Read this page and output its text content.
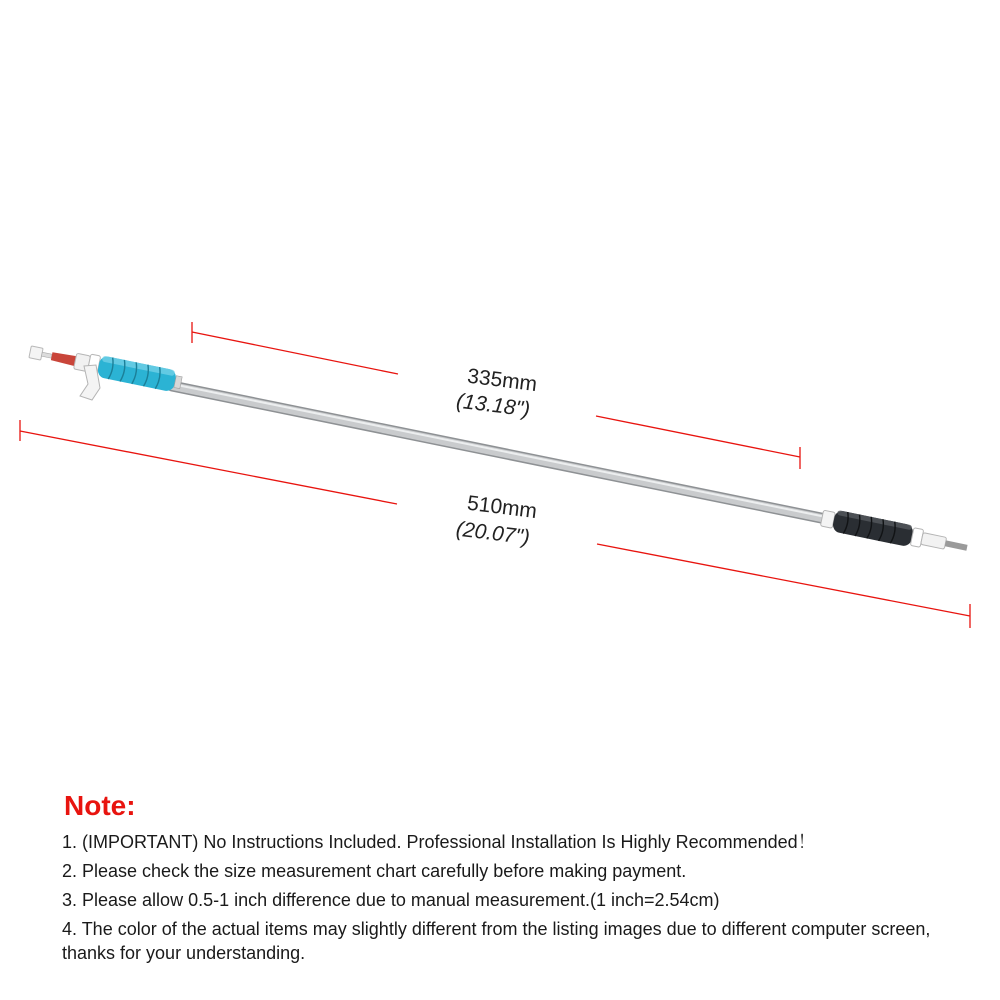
335mm
(13.18")
510mm
(20.07")
Note:

1. (IMPORTANT) No Instructions Included. Professional Installation Is Highly Recommended！

2. Please check the size measurement chart carefully before making payment.

3. Please allow 0.5-1 inch difference due to manual measurement.(1 inch=2.54cm)

4. The color of the actual items may slightly different from the listing images due to different computer screen, thanks for your understanding.
